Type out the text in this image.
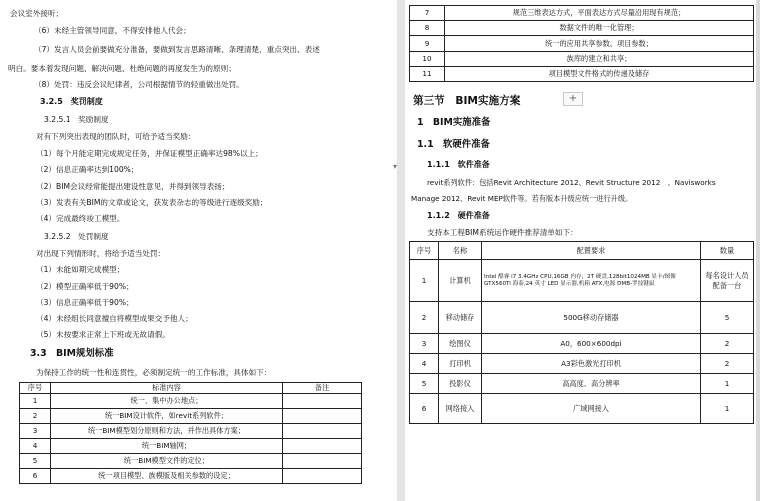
会议室外接听；
（6）未经主管领导同意，不得安排他人代会；
（7）发言人员会前要做充分准备，要做到发言思路清晰、条理清楚、重点突出、表述
明白。要本着发现问题、解决问题、杜绝问题的再度发生为的原则；
（8）处罚：违反会议纪律者，公司根据情节的轻重做出处罚。
3.2.5　奖罚制度
3.2.5.1　奖励制度
对有下列突出表现的团队时，可给予适当奖励：
（1）每个月能定期完成规定任务，并保证模型正确率达98%以上；
（2）信息正确率达到100%；
（2）BIM会议经常能提出建设性意见，并得到领导表扬；
（3）发表有关BIM的文章或论文，获发表杂志的等级进行逐级奖励；
（4）完成最终竣工模型。
3.2.5.2　处罚制度
对出现下列情形时，将给予适当处罚：
（1）未能如期完成模型；
（2）模型正确率低于90%；
（3）信息正确率低于90%；
（4）未经组长同意擅自将模型成果交予他人；
（5）未按要求正常上下班或无故请假。
3.3　BIM规划标准
为保持工作的统一性和连贯性，必须制定统一的工作标准，具体如下：
序号	标准内容	备注
1	统一、集中办公地点；	
2	统一BIM设计软件，如revit系列软件；	
3	统一BIM模型划分原则和方法，并作出具体方案；	
4	统一BIM轴网；	
5	统一BIM模型文件的定位；	
6	统一项目模型、族模版及相关参数的设定；	
▾
7	规范三维表达方式，平面表达方式尽量沿用现有规范；
8	数据文件的唯一化管理；
9	统一的应用共享参数、项目参数；
10	族库的建立和共享；
11	项目模型文件格式的传递及储存
第三节　BIM实施方案
1　BIM实施准备
1.1　软硬件准备
1.1.1　软件准备
revit系列软件：包括Revit Architecture 2012、Revit Structure 2012　、Navisworks
Manage 2012、Revit MEP软件等。若有版本升级应统一进行升级。
1.1.2　硬件准备
支持本工程BIM系统运作硬件推荐清单如下：
序号	名称	配置要求	数量
1	计算机	Intel 酷睿 i7 3.4GHz CPU,16GB 内存，2T 硬盘,128bit1024MB 显卡/图像 GTX560Ti 海泰,24 英寸 LED 显示器,机箱 ATX,电源 DMB-罗技键鼠	每名设计人员配备一台
2	移动储存	500G移动存储器	5
3	绘图仪	A0，600×600dpi	2
4	打印机	A3彩色激光打印机	2
5	投影仪	高高度、高分辨率	1
6	网络接入	广域网接入	1
+
